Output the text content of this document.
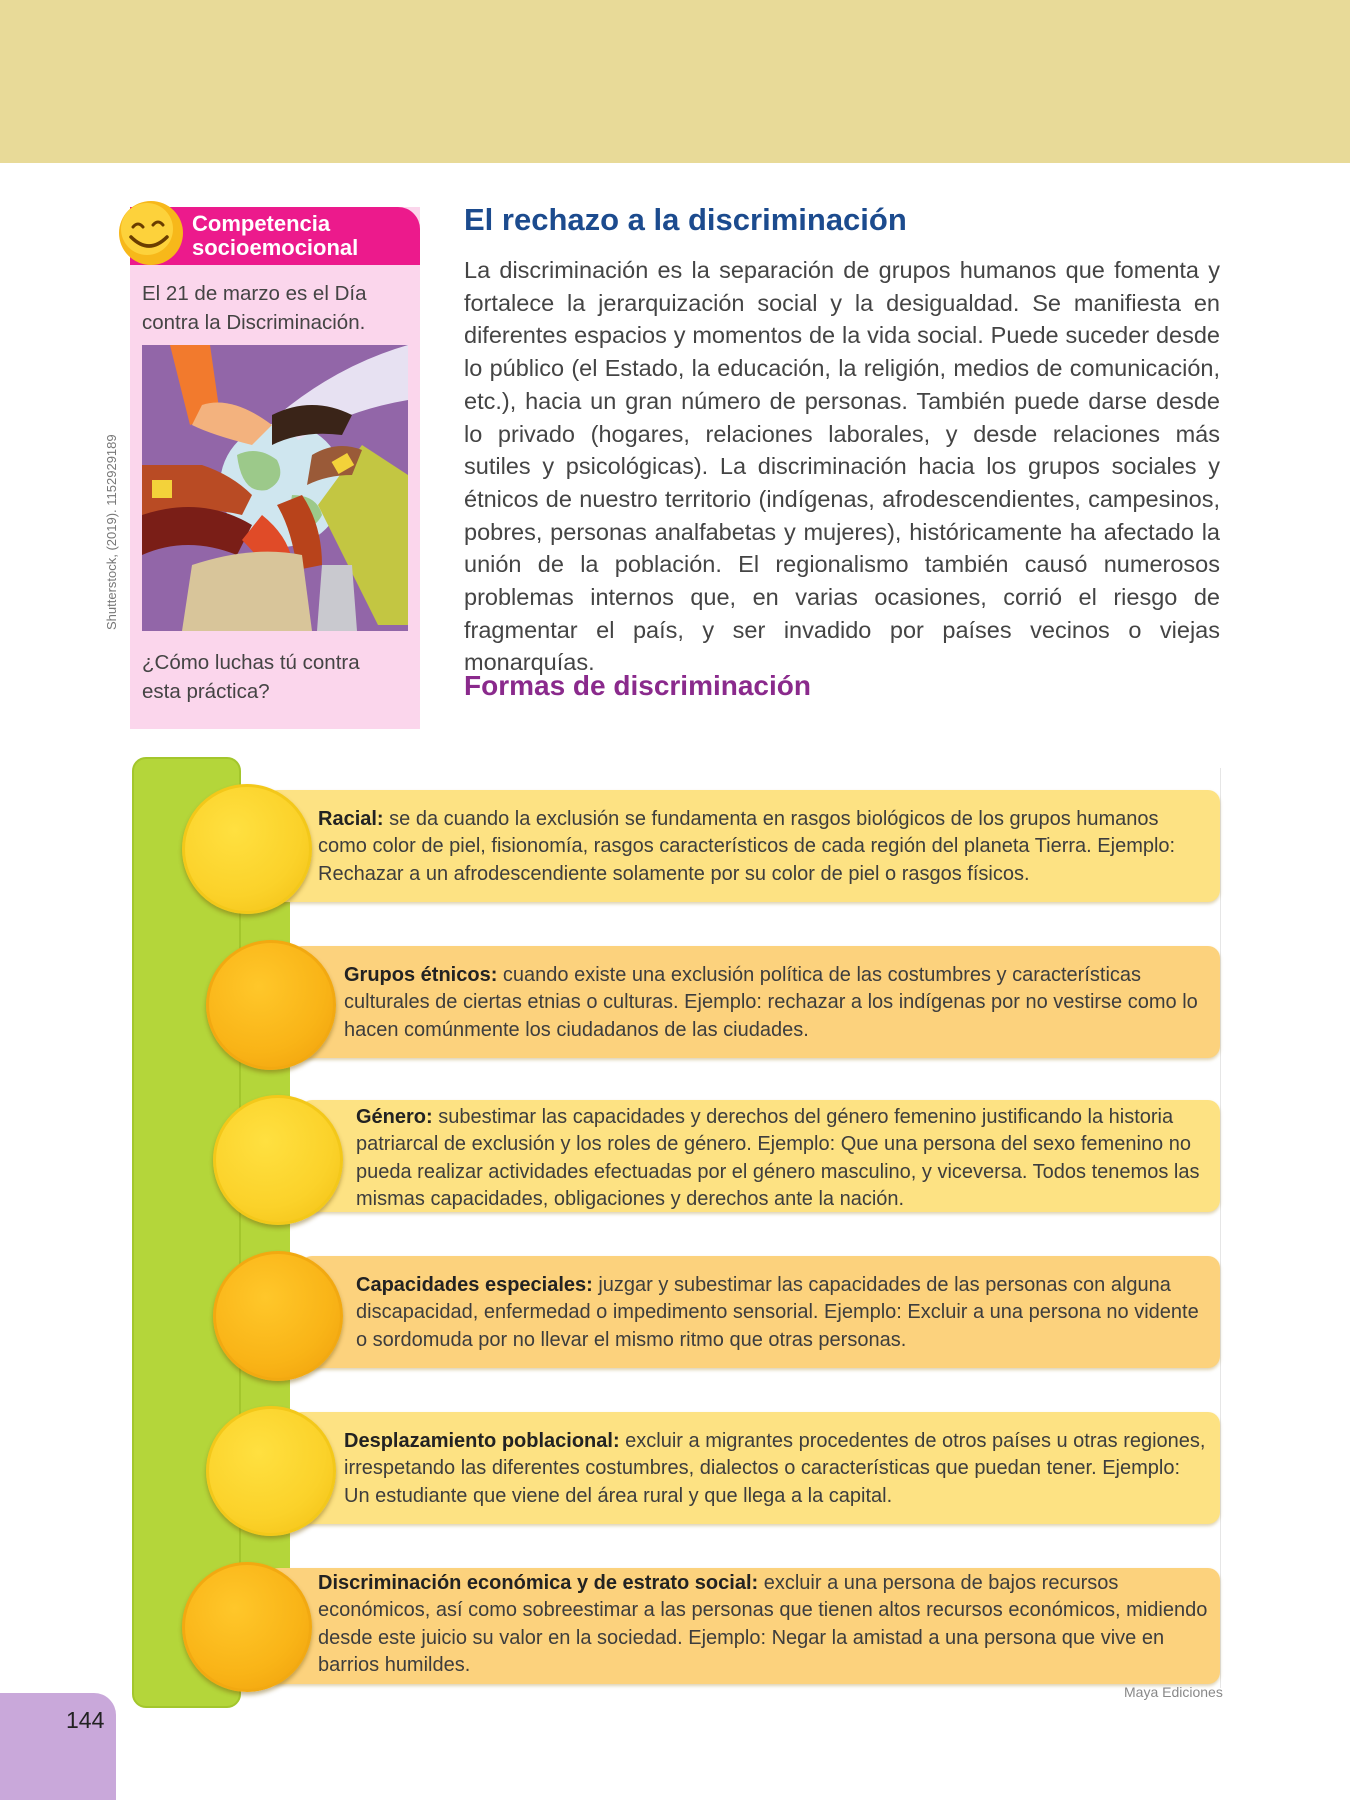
Competencia socioemocional
El 21 de marzo es el Día contra la Discriminación.
¿Cómo luchas tú contra esta práctica?
Shutterstock, (2019). 1152929189
El rechazo a la discriminación
La discriminación es la separación de grupos humanos que fomenta y fortalece la jerarquización social y la desigualdad. Se manifiesta en diferentes espacios y momentos de la vida social. Puede suceder desde lo público (el Estado, la educación, la religión, medios de comunicación, etc.), hacia un gran número de personas. También puede darse desde lo privado (hogares, relaciones laborales, y desde relaciones más sutiles y psicológicas). La discriminación hacia los grupos sociales y étnicos de nuestro territorio (indígenas, afrodescendientes, campesinos, pobres, personas analfabetas y mujeres), históricamente ha afectado la unión de la población. El regionalismo también causó numerosos problemas internos que, en varias ocasiones, corrió el riesgo de fragmentar el país, y ser invadido por países vecinos o viejas monarquías.
Formas de discriminación
Racial: se da cuando la exclusión se fundamenta en rasgos biológicos de los grupos humanos como color de piel, fisionomía, rasgos característicos de cada región del planeta Tierra. Ejemplo: Rechazar a un afrodescendiente solamente por su color de piel o rasgos físicos.
Grupos étnicos: cuando existe una exclusión política de las costumbres y características culturales de ciertas etnias o culturas. Ejemplo: rechazar a los indígenas por no vestirse como lo hacen comúnmente los ciudadanos de las ciudades.
Género: subestimar las capacidades y derechos del género femenino justificando la historia patriarcal de exclusión y los roles de género. Ejemplo: Que una persona del sexo femenino no pueda realizar actividades efectuadas por el género masculino, y viceversa. Todos tenemos las mismas capacidades, obligaciones y derechos ante la nación.
Capacidades especiales: juzgar y subestimar las capacidades de las personas con alguna discapacidad, enfermedad o impedimento sensorial. Ejemplo: Excluir a una persona no vidente o sordomuda por no llevar el mismo ritmo que otras personas.
Desplazamiento poblacional: excluir a migrantes procedentes de otros países u otras regiones, irrespetando las diferentes costumbres, dialectos o características que puedan tener. Ejemplo: Un estudiante que viene del área rural y que llega a la capital.
Discriminación económica y de estrato social: excluir a una persona de bajos recursos económicos, así como sobreestimar a las personas que tienen altos recursos económicos, midiendo desde este juicio su valor en la sociedad. Ejemplo: Negar la amistad a una persona que vive en barrios humildes.
Maya Ediciones
144
